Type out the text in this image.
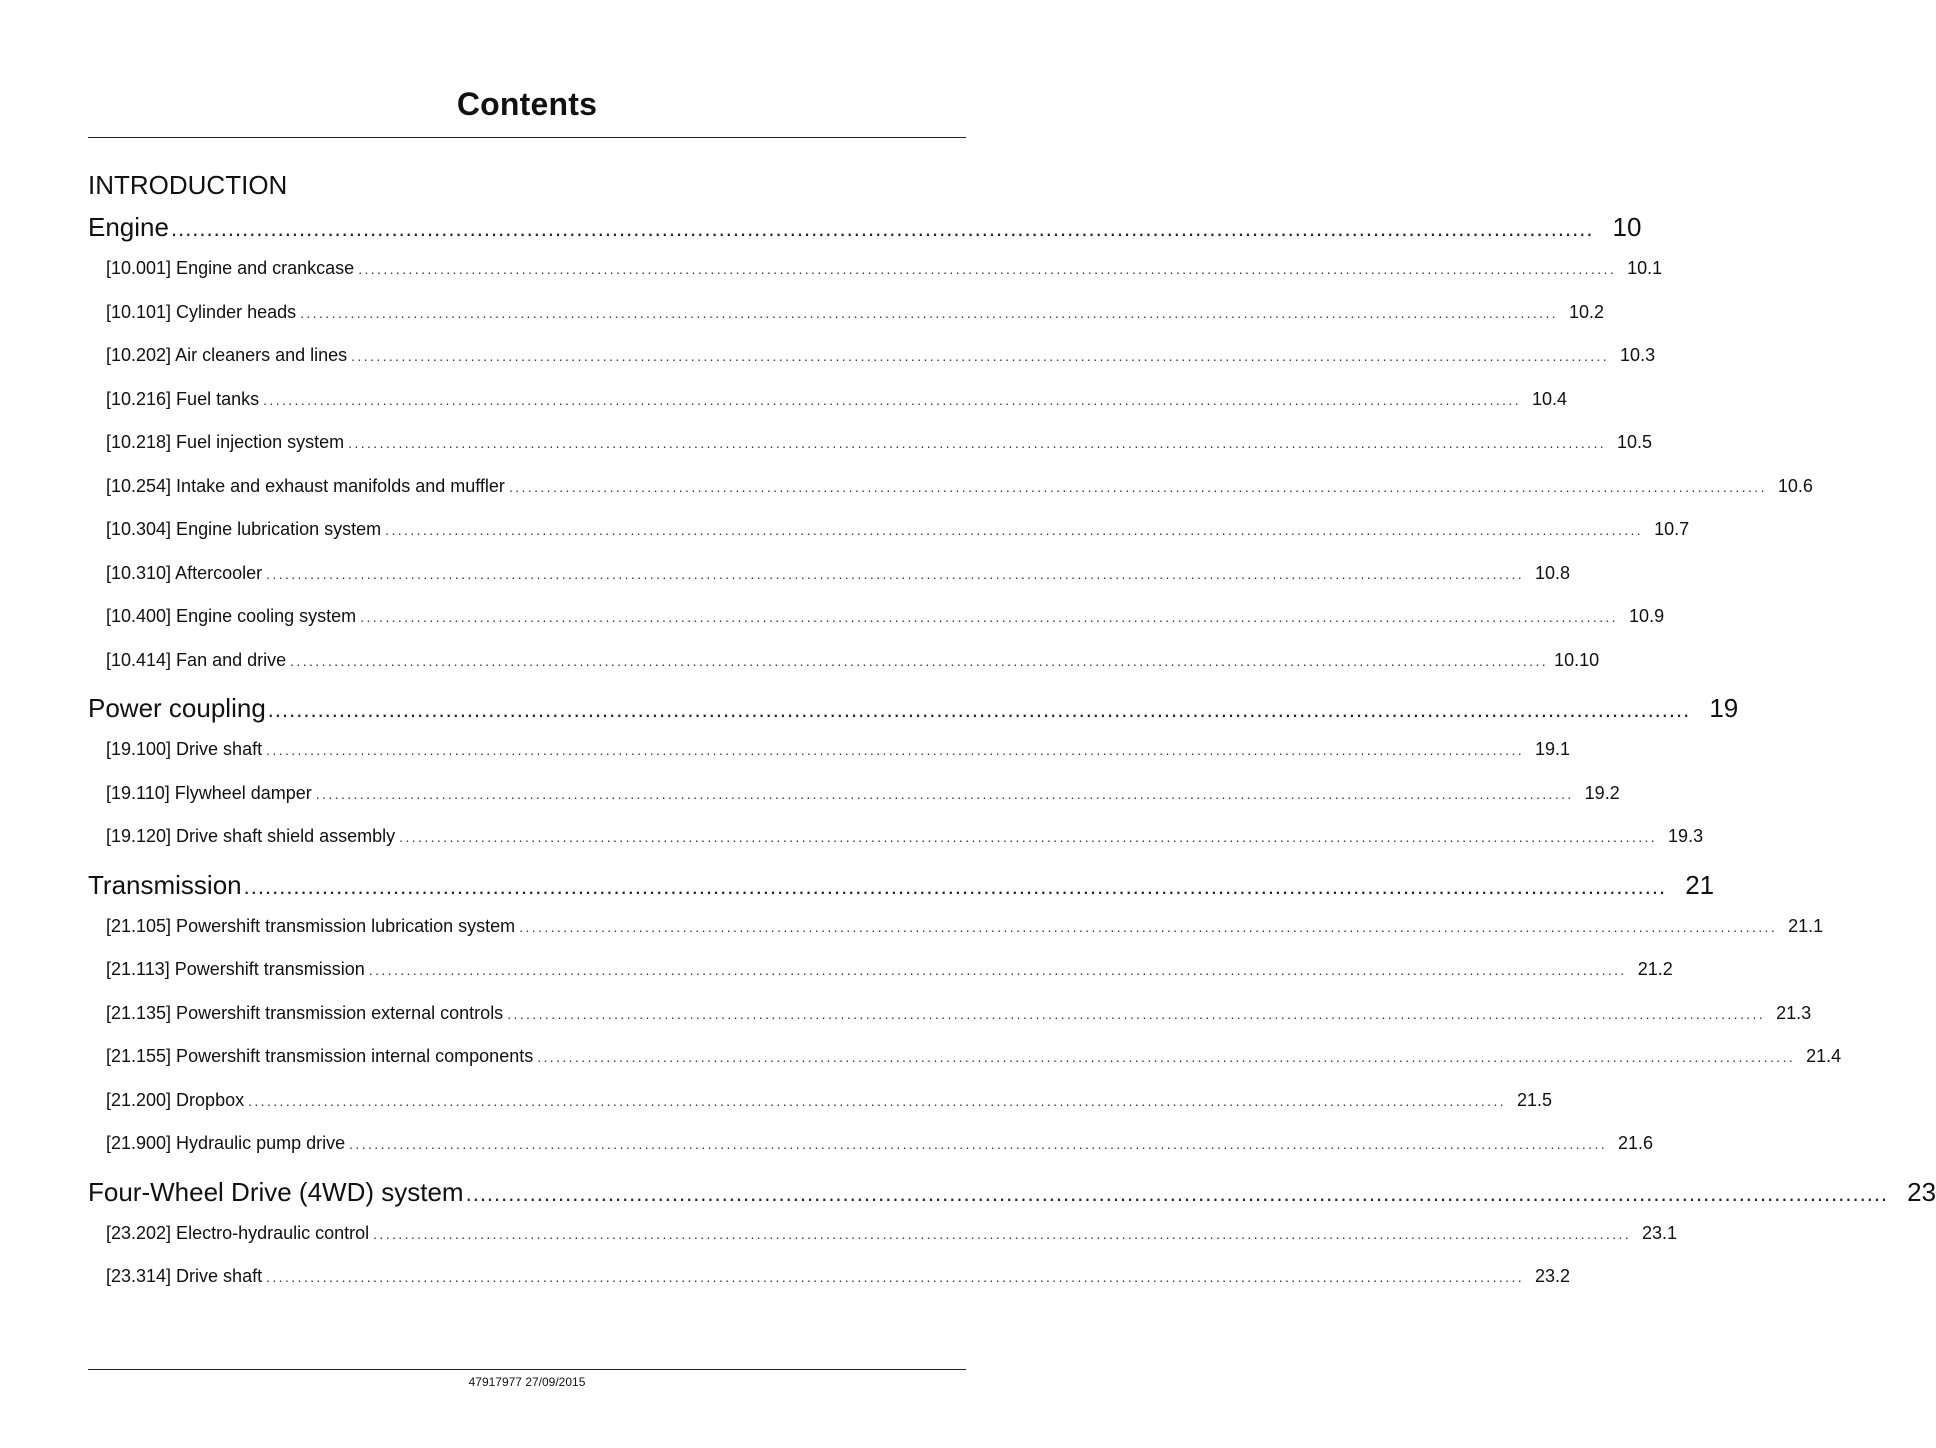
Contents
INTRODUCTION
Engine ........................................................................................................................................................................................................ 10
[10.001] Engine and crankcase ........................................................................................................................................................................................................ 10.1
[10.101] Cylinder heads ........................................................................................................................................................................................................ 10.2
[10.202] Air cleaners and lines ........................................................................................................................................................................................................ 10.3
[10.216] Fuel tanks ........................................................................................................................................................................................................ 10.4
[10.218] Fuel injection system ........................................................................................................................................................................................................ 10.5
[10.254] Intake and exhaust manifolds and muffler ........................................................................................................................................................................................................ 10.6
[10.304] Engine lubrication system ........................................................................................................................................................................................................ 10.7
[10.310] Aftercooler ........................................................................................................................................................................................................ 10.8
[10.400] Engine cooling system ........................................................................................................................................................................................................ 10.9
[10.414] Fan and drive ........................................................................................................................................................................................................ 10.10
Power coupling ........................................................................................................................................................................................................ 19
[19.100] Drive shaft ........................................................................................................................................................................................................ 19.1
[19.110] Flywheel damper ........................................................................................................................................................................................................ 19.2
[19.120] Drive shaft shield assembly ........................................................................................................................................................................................................ 19.3
Transmission ........................................................................................................................................................................................................ 21
[21.105] Powershift transmission lubrication system ........................................................................................................................................................................................................ 21.1
[21.113] Powershift transmission ........................................................................................................................................................................................................ 21.2
[21.135] Powershift transmission external controls ........................................................................................................................................................................................................ 21.3
[21.155] Powershift transmission internal components ........................................................................................................................................................................................................ 21.4
[21.200] Dropbox ........................................................................................................................................................................................................ 21.5
[21.900] Hydraulic pump drive ........................................................................................................................................................................................................ 21.6
Four-Wheel Drive (4WD) system ........................................................................................................................................................................................................ 23
[23.202] Electro-hydraulic control ........................................................................................................................................................................................................ 23.1
[23.314] Drive shaft ........................................................................................................................................................................................................ 23.2
47917977 27/09/2015
